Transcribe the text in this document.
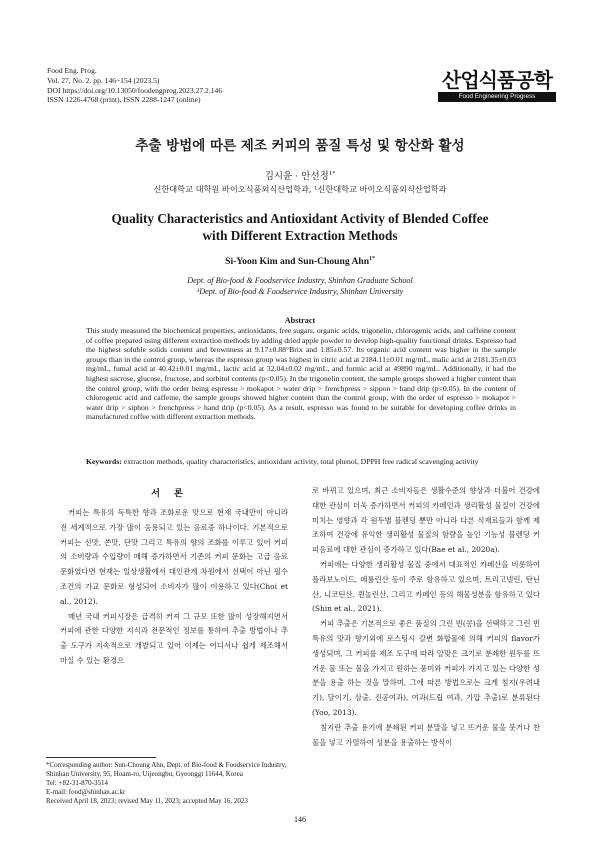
Food Eng. Prog.
Vol. 27, No. 2. pp. 146~154 (2023.5)
DOI https://doi.org/10.13050/foodengprog.2023.27.2.146
ISSN 1226-4768 (print), ISSN 2288-1247 (online)
산업식품공학
Food Engineering Progress
추출 방법에 따른 제조 커피의 품질 특성 및 항산화 활성
김시윤 · 안선정$^{1*}$
신한대학교 대학원 바이오식품외식산업학과, ¹신한대학교 바이오식품외식산업학과
Quality Characteristics and Antioxidant Activity of Blended Coffee
with Different Extraction Methods
Si-Yoon Kim and Sun-Choung Ahn$^{1*}$
Dept. of Bio-food & Foodservice Industry, Shinhan Graduate School
¹Dept. of Bio-food & Foodservice Industry, Shinhan University
Abstract
This study measured the biochemical properties, antioxidants, free sugars, organic acids, trigonelin, chlorogenic acids, and caffeine content of coffee prepared using different extraction methods by adding dried apple powder to develop high-quality functional drinks. Espresso had the highest soluble solids content and brownness at 9.17±0.88°Brix and 1.85±0.57. Its organic acid content was higher in the sample groups than in the control group, whereas the espresso group was highest in citric acid at 2184.11±0.01 mg/mL, malic acid at 2181.35±0.03 mg/mL, fumal acid at 40.42±0.01 mg/mL, lactic acid at 32.04±0.02 mg/mL, and formic acid at 49890 mg/mL. Additionally, it had the highest sucrose, glucose, fructose, and sorbitol contents (p<0.05). In the trigonelin content, the sample groups showed a higher content than the control group, with the order being espresso > mokapot > water drip > frenchpress > sippon > hand drip (p<0.05). In the content of chlorogenic acid and caffeine, the sample groups showed higher content than the control group, with the order of espresso > mokapot > water drip > siphon > frenchpress > hand drip (p<0.05). As a result, espresso was found to be suitable for developing coffee drinks in manufactured coffee with different extraction methods.
Keywords: extraction methods, quality characteristics, antioxidant activity, total phenol, DPPH free radical scavenging activity
서론

커피는 특유의 독특한 향과 조화로운 맛으로 현재 국내만이 아니라 전 세계적으로 가장 많이 음용되고 있는 음료중 하나이다. 기본적으로 커피는 신맛, 쓴맛, 단맛 그리고 특유의 향의 조화를 이루고 있어 커피의 소비량과 수입량이 매해 증가하면서 기존의 커피 문화는 고급 음료 문화였다면 현재는 일상생활에서 대인관계 차원에서 선택이 아닌 필수 조건의 가교 문화로 형성되어 소비자가 많이 이용하고 있다(Choi et al., 2012).

매년 국내 커피시장은 급격히 커져 그 규모 또한 많이 성장해지면서 커피에 관한 다양한 지식과 전문적인 정보를 통하여 추출 방법이나 추출 도구가 지속적으로 개발되고 있어 이제는 어디서나 쉽게 제조해서 마실 수 있는 환경으

로 바뀌고 있으며, 최근 소비자들은 생활수준의 향상과 더불어 건강에 대한 관심이 더욱 증가하면서 커피의 카페인과 생리활성 물질이 건강에 미치는 영향과 각 원두별 블렌딩 뿐만 아니라 다른 식재료들과 함께 제조하여 건강에 유익한 생리활성 물질의 함량을 높인 기능성 블렌딩 커피음료에 대한 관심이 증가하고 있다(Bae et al., 2020a).

커피에는 다양한 생리활성 물질 중에서 대표적인 카페산을 비롯하여 플라보노이드, 페룰린산 등이 주로 함유하고 있으며, 트리고넬린, 탄닌산, 니코틴산, 퀸놀린산, 그리고 카페인 등의 해물성분을 함유하고 있다(Shin et al., 2021).

커피 추출은 기본적으로 좋은 품질의 그린 빈(콩)을 선택하고 그린 빈 특유의 맛과 향기외에 로스팅시 갈변 화합물에 의해 커피의 flavor가 생성되며, 그 커피를 제조 도구에 따라 알맞은 크기로 분쇄한 원두를 뜨거운 물 또는 물을 가지고 원하는 풍미와 커피가 가지고 있는 다양한 성분을 용출 하는 것을 말하며, 그에 따른 방법으로는 크게 침지(우려내기), 달이기, 삼출, 진공여과), 여과(드립 여과, 가압 추출)로 분류된다(Yoo, 2013).

침지란 추출 용기에 분쇄된 커피 분말을 넣고 뜨거운 물을 붓거나 찬물을 넣고 가열하여 성분을 용출하는 방식이

*Corresponding author: Sun-Choung Ahn, Dept. of Bio-food & Foodservice Industry, Shinhan University, 95, Hoam-ro, Uijeongbu, Gyeonggi 11644, Korea
Tel: +82-31-870-3514
E-mail: food@shinhan.ac.kr
Received April 18, 2023; revised May 11, 2023; accepted May 16, 2023
146
